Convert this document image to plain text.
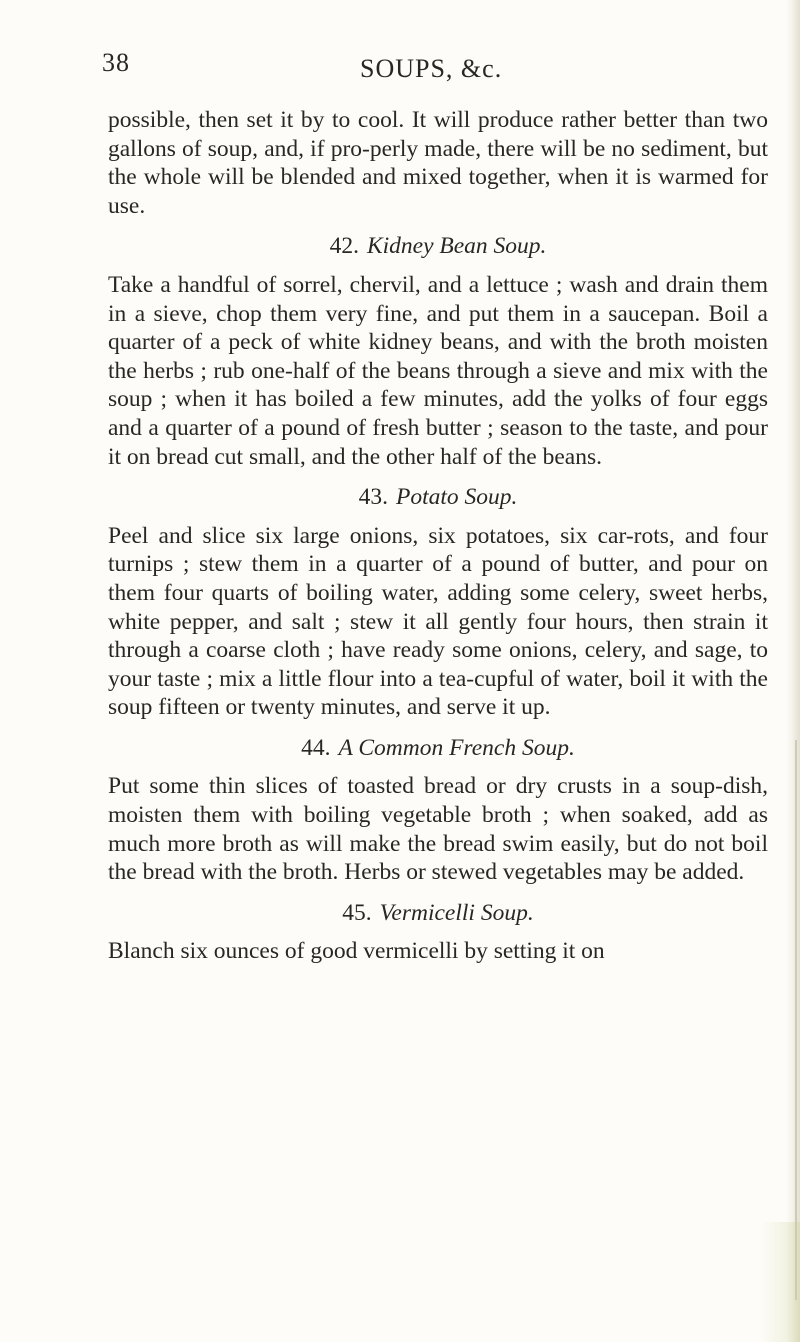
38	SOUPS, &c.

possible, then set it by to cool. It will produce rather better than two gallons of soup, and, if pro-perly made, there will be no sediment, but the whole will be blended and mixed together, when it is warmed for use.

42. Kidney Bean Soup.

Take a handful of sorrel, chervil, and a lettuce ; wash and drain them in a sieve, chop them very fine, and put them in a saucepan. Boil a quarter of a peck of white kidney beans, and with the broth moisten the herbs ; rub one-half of the beans through a sieve and mix with the soup ; when it has boiled a few minutes, add the yolks of four eggs and a quarter of a pound of fresh butter ; season to the taste, and pour it on bread cut small, and the other half of the beans.

43. Potato Soup.

Peel and slice six large onions, six potatoes, six car-rots, and four turnips ; stew them in a quarter of a pound of butter, and pour on them four quarts of boiling water, adding some celery, sweet herbs, white pepper, and salt ; stew it all gently four hours, then strain it through a coarse cloth ; have ready some onions, celery, and sage, to your taste ; mix a little flour into a tea-cupful of water, boil it with the soup fifteen or twenty minutes, and serve it up.

44. A Common French Soup.

Put some thin slices of toasted bread or dry crusts in a soup-dish, moisten them with boiling vegetable broth ; when soaked, add as much more broth as will make the bread swim easily, but do not boil the bread with the broth. Herbs or stewed vegetables may be added.

45. Vermicelli Soup.

Blanch six ounces of good vermicelli by setting it on
